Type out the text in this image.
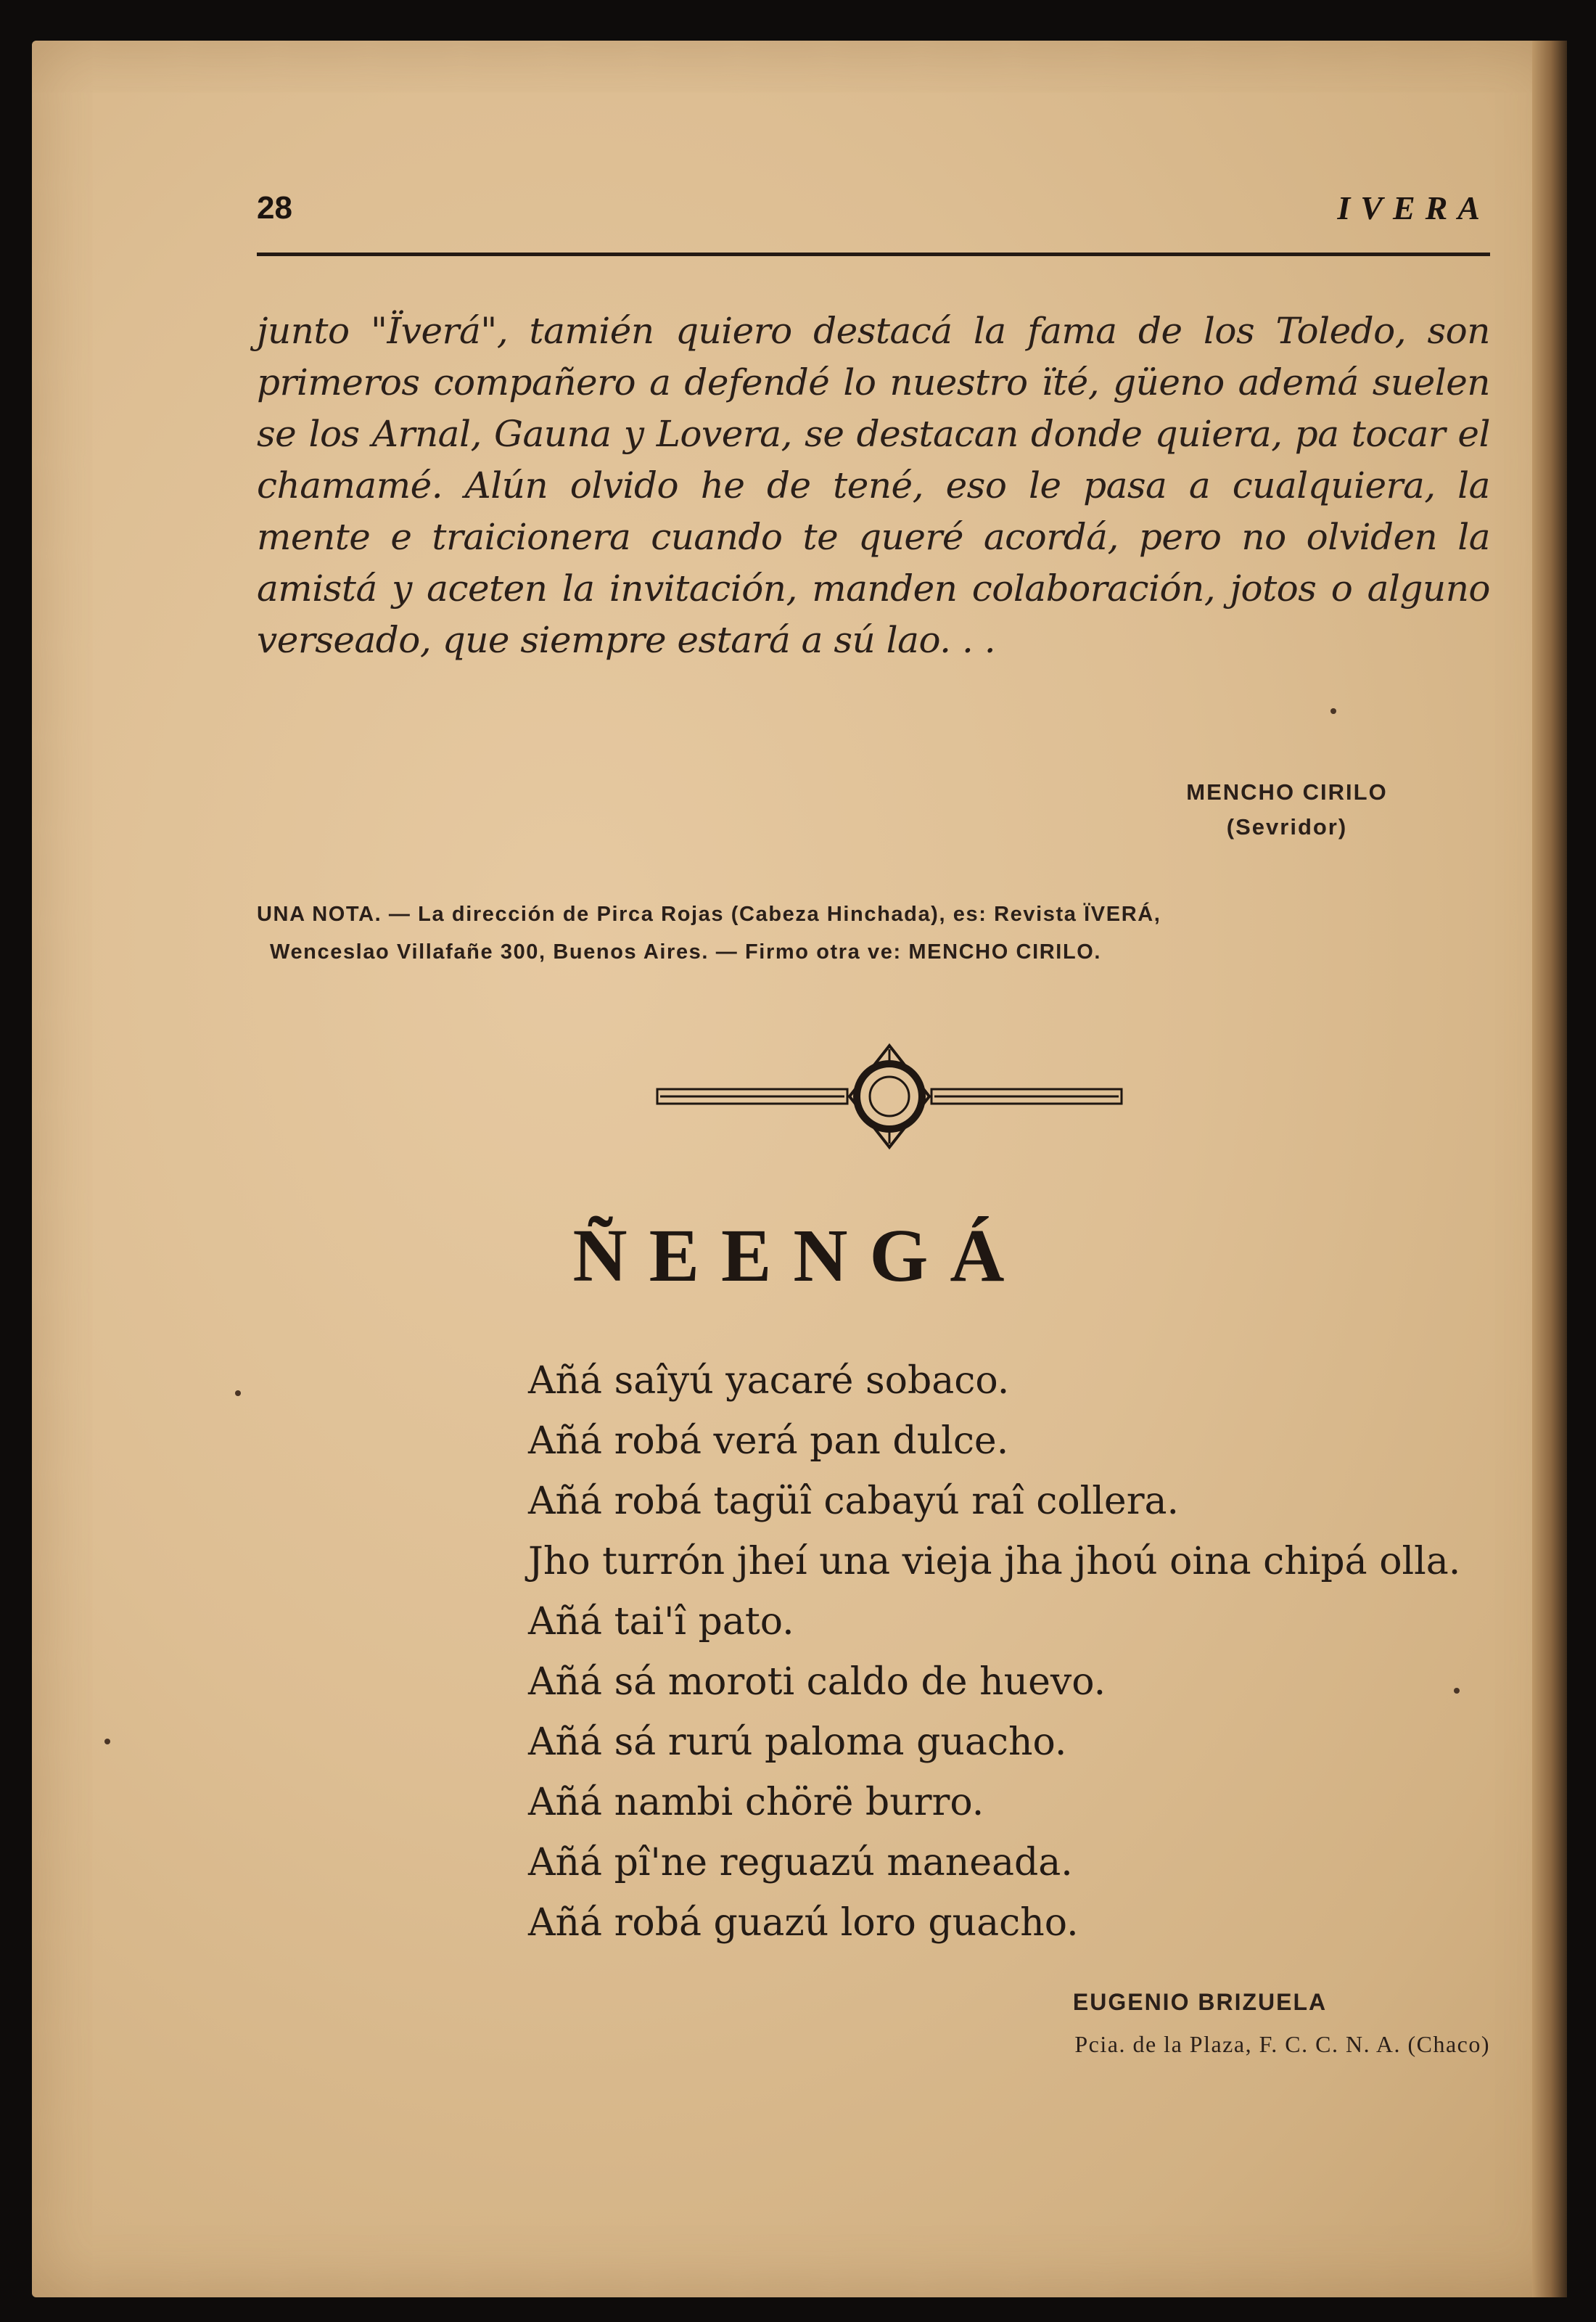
28	IVERA

junto "Ïverá", tamién quiero destacá la fama de los Toledo, son primeros compañero a defendé lo nuestro ïté, güeno ademá suelen se los Arnal, Gauna y Lovera, se destacan donde quiera, pa tocar el chamamé. Alún olvido he de tené, eso le pasa a cualquiera, la mente e traicionera cuando te queré acordá, pero no olviden la amistá y aceten la invitación, manden colaboración, jotos o alguno verseado, que siempre estará a sú lao. . .

MENCHO CIRILO
(Sevridor)
UNA NOTA. — La dirección de Pirca Rojas (Cabeza Hinchada), es: Revista ÏVERÁ,
Wenceslao Villafañe 300, Buenos Aires. — Firmo otra ve: MENCHO CIRILO.
ÑEENGÁ
Añá saîyú yacaré sobaco.
Añá robá verá pan dulce.
Añá robá tagüî cabayú raî collera.
Jho turrón jheí una vieja jha jhoú oina chipá olla.
Añá tai'î pato.
Añá sá moroti caldo de huevo.
Añá sá rurú paloma guacho.
Añá nambi chörë burro.
Añá pî'ne reguazú maneada.
Añá robá guazú loro guacho.
EUGENIO BRIZUELA
Pcia. de la Plaza, F. C. C. N. A. (Chaco)
